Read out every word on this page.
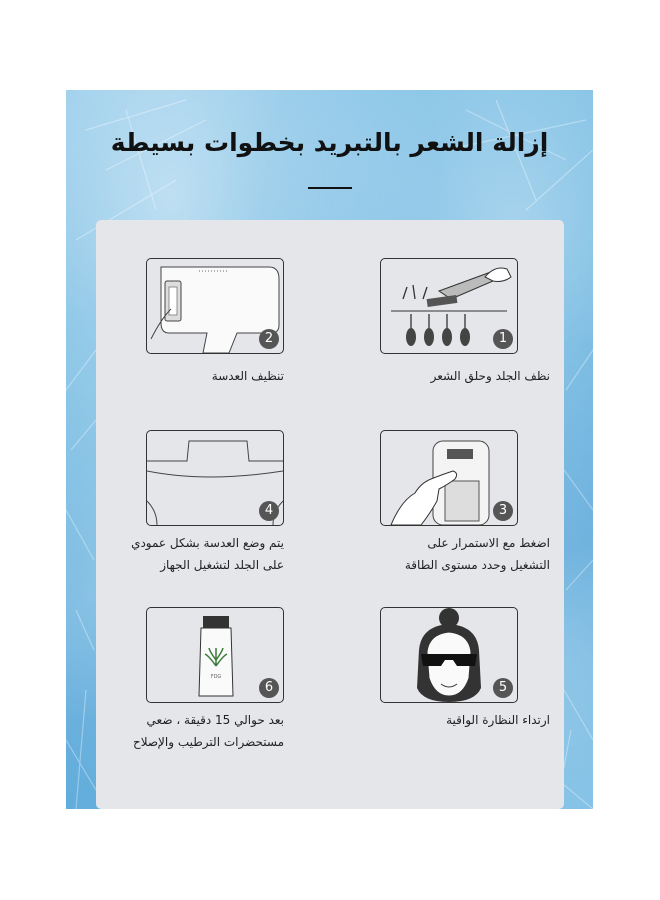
إزالة الشعر بالتبريد بخطوات بسيطة
1
نظف الجلد وحلق الشعر
2
تنظيف العدسة
3
اضغط مع الاستمرار على
التشغيل وحدد مستوى الطاقة
4
يتم وضع العدسة بشكل عمودي
على الجلد لتشغيل الجهاز
5
ارتداء النظارة الواقية
FDG
6
بعد حوالي 15 دقيقة ، ضعي
مستحضرات الترطيب والإصلاح
